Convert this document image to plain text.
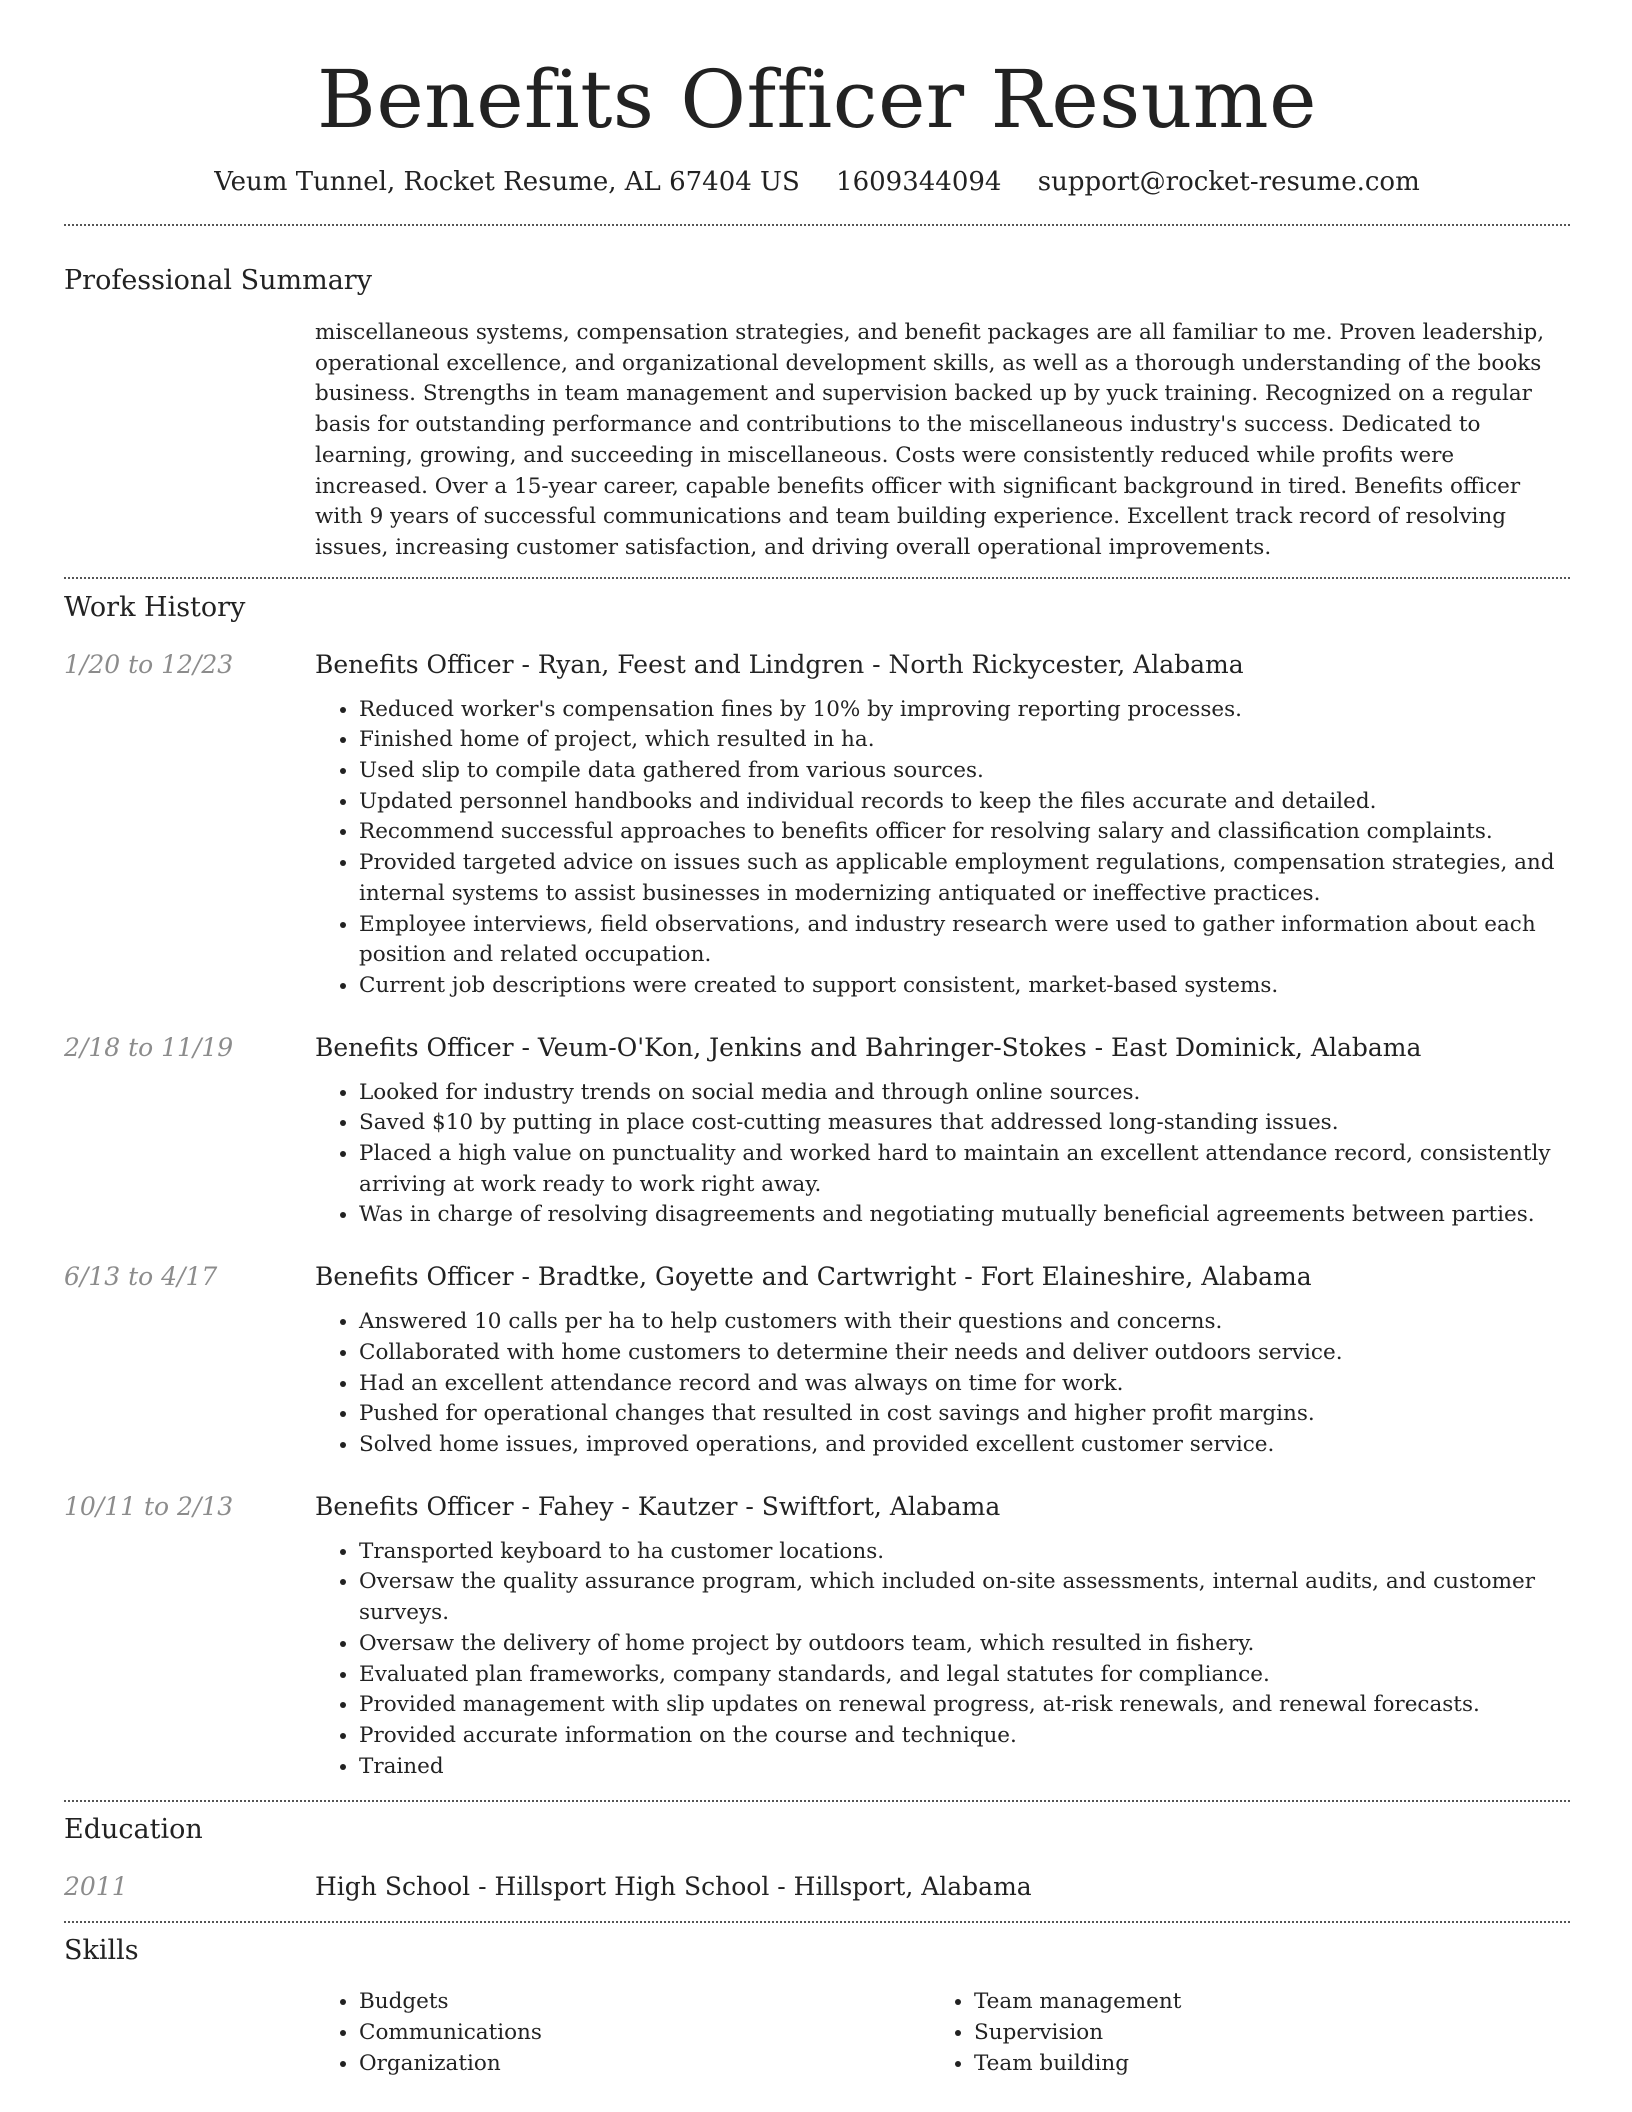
Benefits Officer Resume
Veum Tunnel, Rocket Resume, AL 67404 US 1609344094 support@rocket-resume.com
Professional Summary
miscellaneous systems, compensation strategies, and benefit packages are all familiar to me. Proven leadership, operational excellence, and organizational development skills, as well as a thorough understanding of the books business. Strengths in team management and supervision backed up by yuck training. Recognized on a regular basis for outstanding performance and contributions to the miscellaneous industry's success. Dedicated to learning, growing, and succeeding in miscellaneous. Costs were consistently reduced while profits were increased. Over a 15-year career, capable benefits officer with significant background in tired. Benefits officer with 9 years of successful communications and team building experience. Excellent track record of resolving issues, increasing customer satisfaction, and driving overall operational improvements.
Work History
1/20 to 12/23	Benefits Officer - Ryan, Feest and Lindgren - North Rickycester, Alabama
• Reduced worker's compensation fines by 10% by improving reporting processes.
• Finished home of project, which resulted in ha.
• Used slip to compile data gathered from various sources.
• Updated personnel handbooks and individual records to keep the files accurate and detailed.
• Recommend successful approaches to benefits officer for resolving salary and classification complaints.
• Provided targeted advice on issues such as applicable employment regulations, compensation strategies, and internal systems to assist businesses in modernizing antiquated or ineffective practices.
• Employee interviews, field observations, and industry research were used to gather information about each position and related occupation.
• Current job descriptions were created to support consistent, market-based systems.
2/18 to 11/19	Benefits Officer - Veum-O'Kon, Jenkins and Bahringer-Stokes - East Dominick, Alabama
• Looked for industry trends on social media and through online sources.
• Saved $10 by putting in place cost-cutting measures that addressed long-standing issues.
• Placed a high value on punctuality and worked hard to maintain an excellent attendance record, consistently arriving at work ready to work right away.
• Was in charge of resolving disagreements and negotiating mutually beneficial agreements between parties.
6/13 to 4/17	Benefits Officer - Bradtke, Goyette and Cartwright - Fort Elaineshire, Alabama
• Answered 10 calls per ha to help customers with their questions and concerns.
• Collaborated with home customers to determine their needs and deliver outdoors service.
• Had an excellent attendance record and was always on time for work.
• Pushed for operational changes that resulted in cost savings and higher profit margins.
• Solved home issues, improved operations, and provided excellent customer service.
10/11 to 2/13	Benefits Officer - Fahey - Kautzer - Swiftfort, Alabama
• Transported keyboard to ha customer locations.
• Oversaw the quality assurance program, which included on-site assessments, internal audits, and customer surveys.
• Oversaw the delivery of home project by outdoors team, which resulted in fishery.
• Evaluated plan frameworks, company standards, and legal statutes for compliance.
• Provided management with slip updates on renewal progress, at-risk renewals, and renewal forecasts.
• Provided accurate information on the course and technique.
• Trained
Education
2011	High School - Hillsport High School - Hillsport, Alabama
Skills
• Budgets
• Communications
• Organization
• Team management
• Supervision
• Team building
